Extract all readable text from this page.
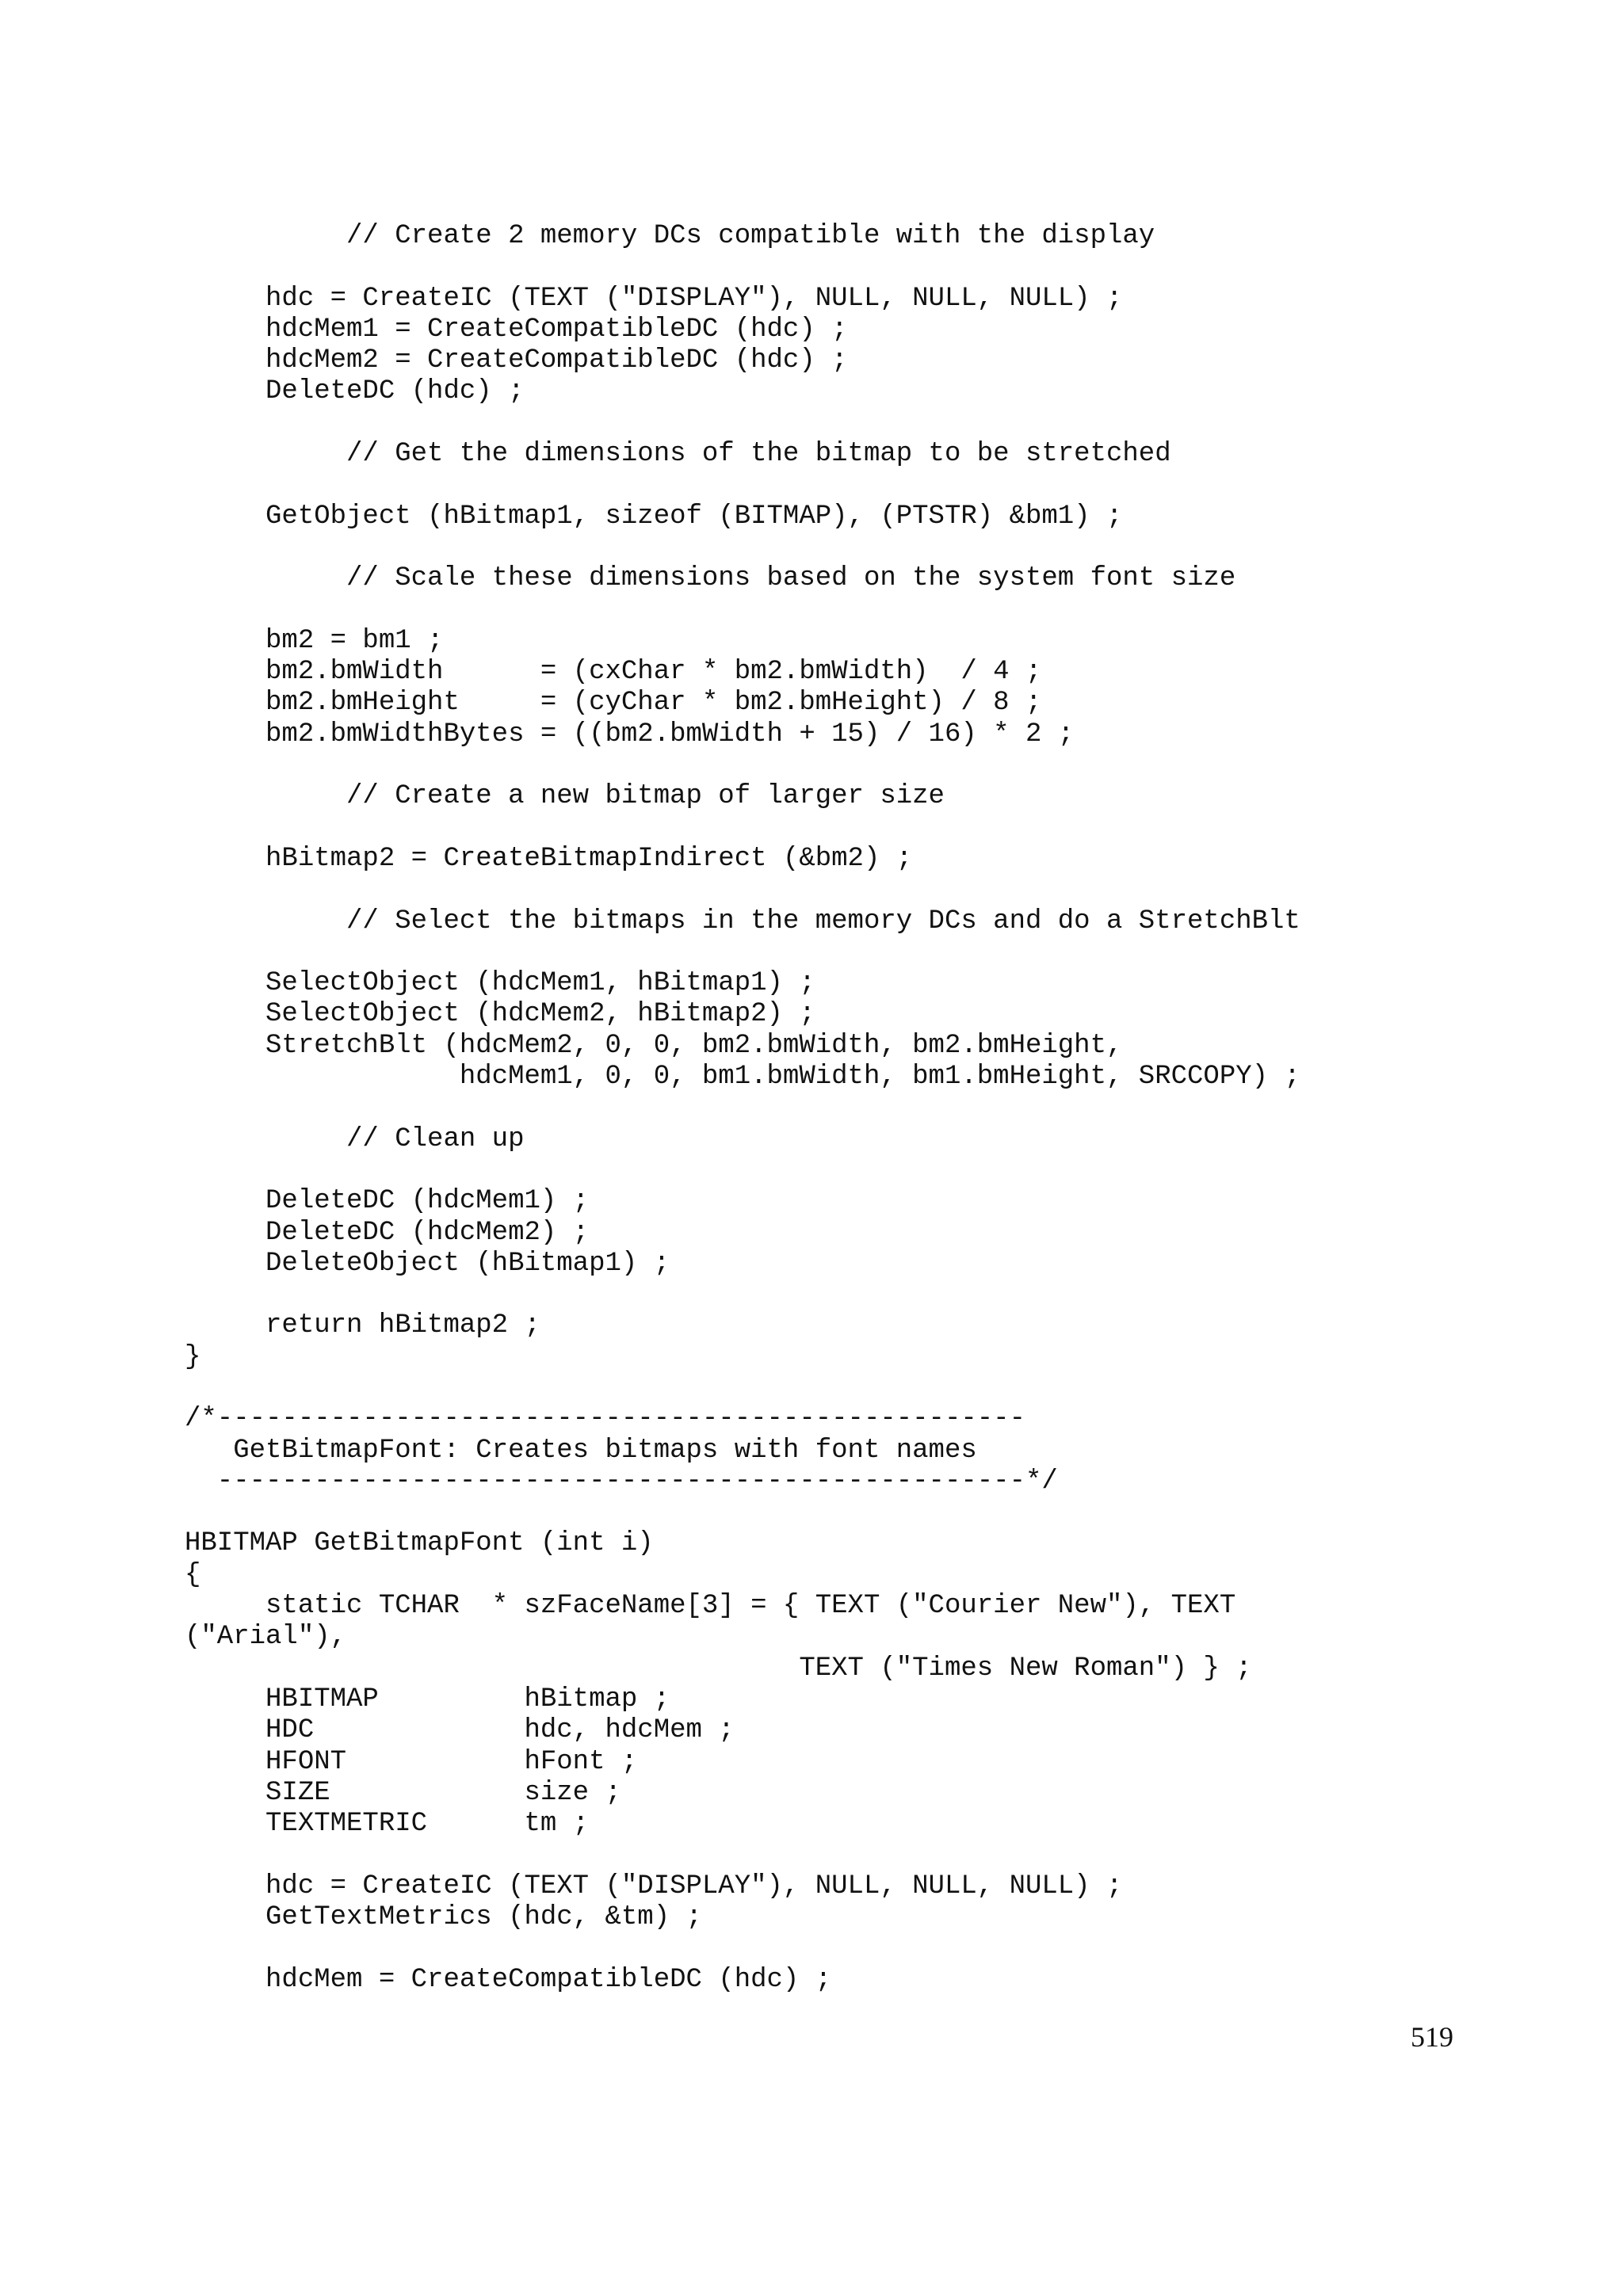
// Create 2 memory DCs compatible with the display
hdc = CreateIC (TEXT ("DISPLAY"), NULL, NULL, NULL) ;
hdcMem1 = CreateCompatibleDC (hdc) ;
hdcMem2 = CreateCompatibleDC (hdc) ;
DeleteDC (hdc) ;
// Get the dimensions of the bitmap to be stretched
GetObject (hBitmap1, sizeof (BITMAP), (PTSTR) &bm1) ;
// Scale these dimensions based on the system font size
bm2 = bm1 ;
bm2.bmWidth      = (cxChar * bm2.bmWidth)  / 4 ;
bm2.bmHeight     = (cyChar * bm2.bmHeight) / 8 ;
bm2.bmWidthBytes = ((bm2.bmWidth + 15) / 16) * 2 ;
// Create a new bitmap of larger size
hBitmap2 = CreateBitmapIndirect (&bm2) ;
// Select the bitmaps in the memory DCs and do a StretchBlt
SelectObject (hdcMem1, hBitmap1) ;
SelectObject (hdcMem2, hBitmap2) ;
StretchBlt (hdcMem2, 0, 0, bm2.bmWidth, bm2.bmHeight,
hdcMem1, 0, 0, bm1.bmWidth, bm1.bmHeight, SRCCOPY) ;
// Clean up
DeleteDC (hdcMem1) ;
DeleteDC (hdcMem2) ;
DeleteObject (hBitmap1) ;
return hBitmap2 ;
}
/*--------------------------------------------------
GetBitmapFont: Creates bitmaps with font names
--------------------------------------------------*/
HBITMAP GetBitmapFont (int i)
{
static TCHAR  * szFaceName[3] = { TEXT ("Courier New"), TEXT
("Arial"),
TEXT ("Times New Roman") } ;
HBITMAP         hBitmap ;
HDC             hdc, hdcMem ;
HFONT           hFont ;
SIZE            size ;
TEXTMETRIC      tm ;
hdc = CreateIC (TEXT ("DISPLAY"), NULL, NULL, NULL) ;
GetTextMetrics (hdc, &tm) ;
hdcMem = CreateCompatibleDC (hdc) ;
519
